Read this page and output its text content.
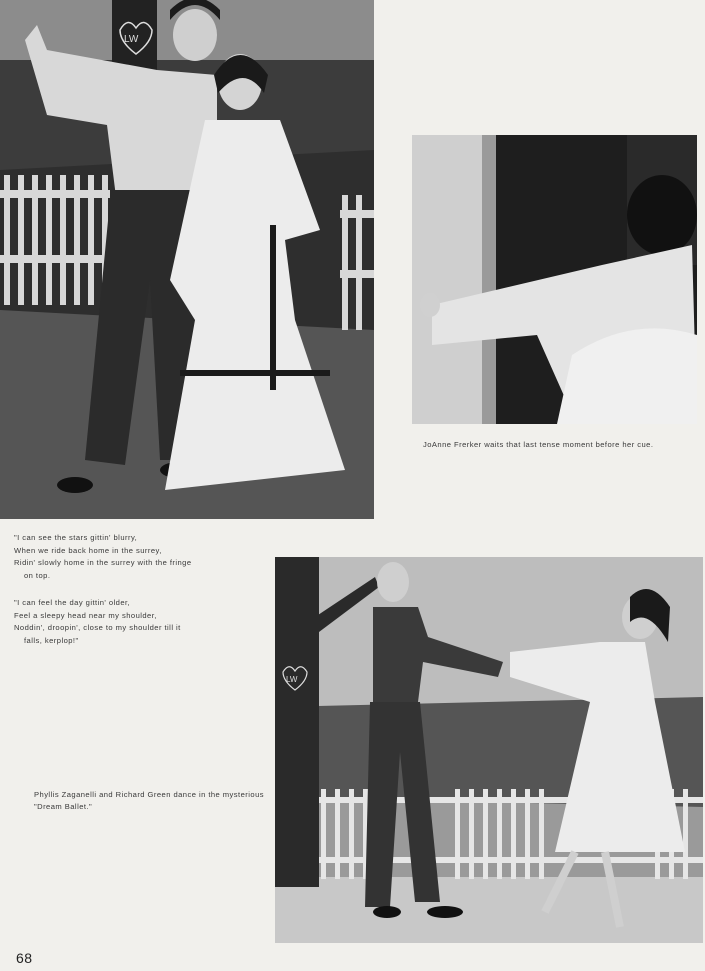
LW
LW
JoAnne Frerker waits that last tense moment before her cue.
"I can see the stars gittin' blurry,
When we ride back home in the surrey,
Ridin' slowly home in the surrey with the fringe
on top.
"I can feel the day gittin' older,
Feel a sleepy head near my shoulder,
Noddin', droopin', close to my shoulder till it
falls, kerplop!"
Phyllis Zaganelli and Richard Green dance in the mysterious "Dream Ballet."
68
